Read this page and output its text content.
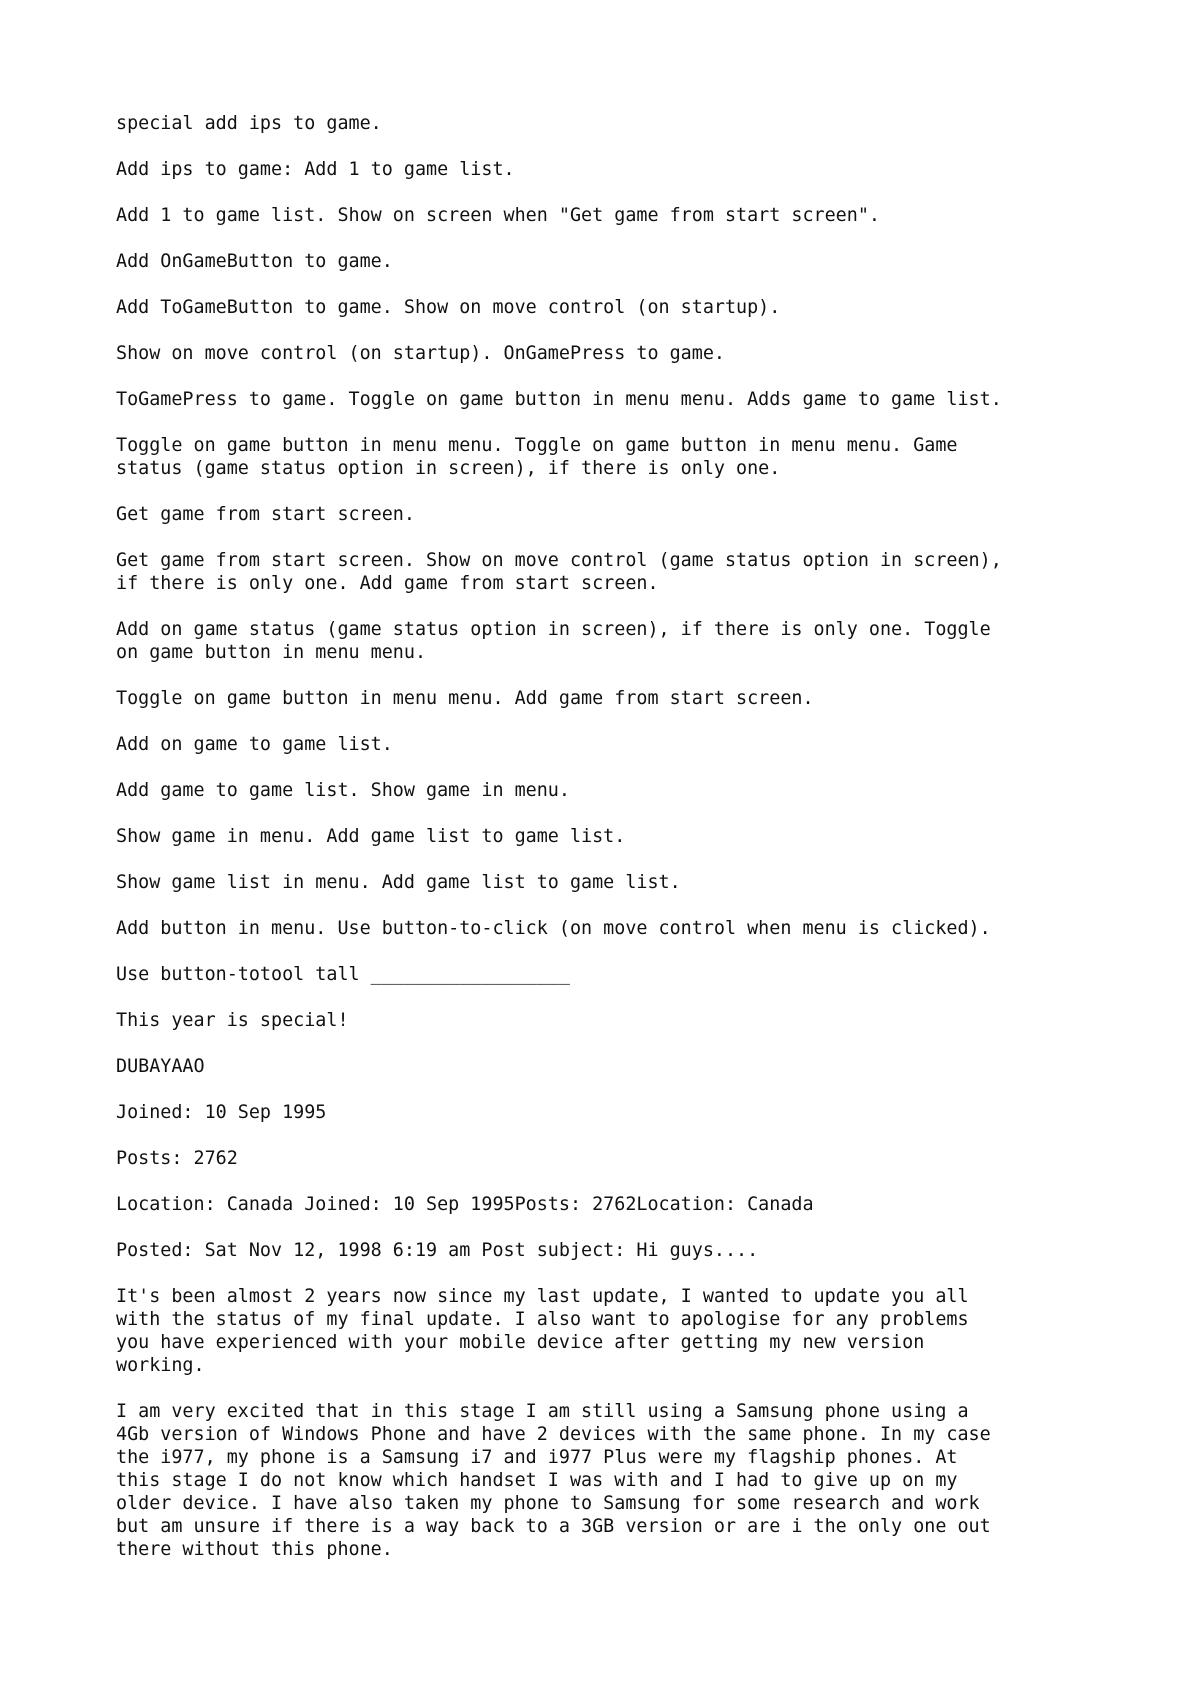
special add ips to game.

Add ips to game: Add 1 to game list.

Add 1 to game list. Show on screen when "Get game from start screen".

Add OnGameButton to game.

Add ToGameButton to game. Show on move control (on startup).

Show on move control (on startup). OnGamePress to game.

ToGamePress to game. Toggle on game button in menu menu. Adds game to game list.

Toggle on game button in menu menu. Toggle on game button in menu menu. Game
status (game status option in screen), if there is only one.

Get game from start screen.

Get game from start screen. Show on move control (game status option in screen),
if there is only one. Add game from start screen.

Add on game status (game status option in screen), if there is only one. Toggle
on game button in menu menu.

Toggle on game button in menu menu. Add game from start screen.

Add on game to game list.

Add game to game list. Show game in menu.

Show game in menu. Add game list to game list.

Show game list in menu. Add game list to game list.

Add button in menu. Use button-to-click (on move control when menu is clicked).

Use button-totool tall __________________

This year is special!

DUBAYAAO

Joined: 10 Sep 1995

Posts: 2762

Location: Canada Joined: 10 Sep 1995Posts: 2762Location: Canada

Posted: Sat Nov 12, 1998 6:19 am Post subject: Hi guys....

It's been almost 2 years now since my last update, I wanted to update you all
with the status of my final update. I also want to apologise for any problems
you have experienced with your mobile device after getting my new version
working.

I am very excited that in this stage I am still using a Samsung phone using a
4Gb version of Windows Phone and have 2 devices with the same phone. In my case
the i977, my phone is a Samsung i7 and i977 Plus were my flagship phones. At
this stage I do not know which handset I was with and I had to give up on my
older device. I have also taken my phone to Samsung for some research and work
but am unsure if there is a way back to a 3GB version or are i the only one out
there without this phone.
